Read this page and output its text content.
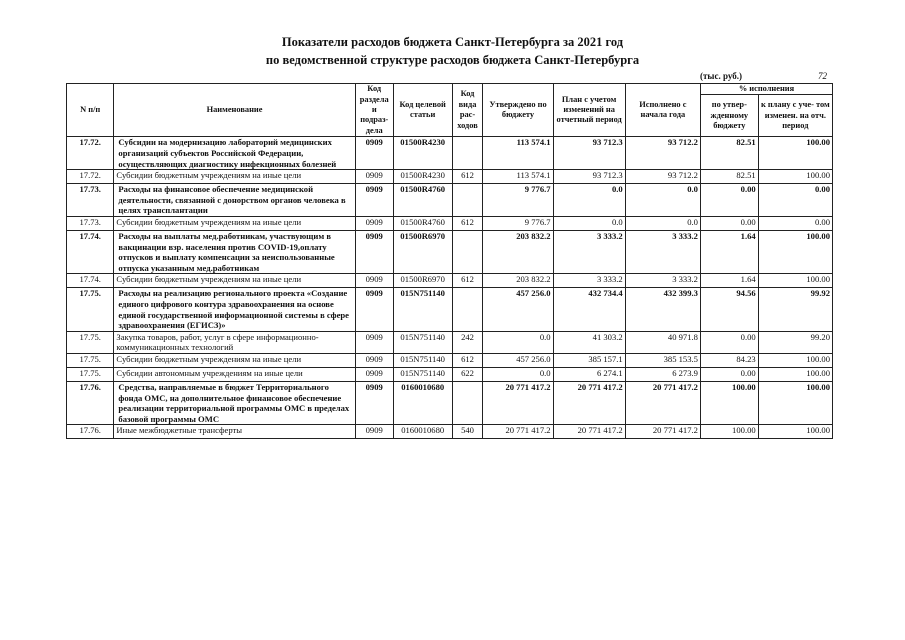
Показатели расходов бюджета Санкт-Петербурга за 2021 год
по ведомственной структуре расходов бюджета Санкт-Петербурга
(тыс. руб.)	72
N п/п	Наименование	Код раздела и подраз- дела	Код целевой статьи	Код вида рас- ходов	Утверждено по бюджету	План с учетом изменений на отчетный период	Исполнено с начала года	% исполнения	
								по утвер- жденному бюджету	к плану с уче- том изменен. на отч. период
17.72.	Субсидии на модернизацию лабораторий медицинских организаций субъектов Российской Федерации, осуществляющих диагностику инфекционных болезней	0909	01500R4230		113 574.1	93 712.3	93 712.2	82.51	100.00
17.72.	Субсидии бюджетным учреждениям на иные цели	0909	01500R4230	612	113 574.1	93 712.3	93 712.2	82.51	100.00
17.73.	Расходы на финансовое обеспечение медицинской деятельности, связанной с донорством органов человека в целях трансплантации	0909	01500R4760		9 776.7	0.0	0.0	0.00	0.00
17.73.	Субсидии бюджетным учреждениям на иные цели	0909	01500R4760	612	9 776.7	0.0	0.0	0.00	0.00
17.74.	Расходы на выплаты мед.работникам, участвующим в вакцинации взр. населения против COVID-19,оплату отпусков и выплату компенсации за неиспользованные отпуска указанным мед.работникам	0909	01500R6970		203 832.2	3 333.2	3 333.2	1.64	100.00
17.74.	Субсидии бюджетным учреждениям на иные цели	0909	01500R6970	612	203 832.2	3 333.2	3 333.2	1.64	100.00
17.75.	Расходы на реализацию регионального проекта «Создание единого цифрового контура здравоохранения на основе единой государственной информационной системы в сфере здравоохранения (ЕГИСЗ)»	0909	015N751140		457 256.0	432 734.4	432 399.3	94.56	99.92
17.75.	Закупка товаров, работ, услуг в сфере информационно-коммуникационных технологий	0909	015N751140	242	0.0	41 303.2	40 971.8	0.00	99.20
17.75.	Субсидии бюджетным учреждениям на иные цели	0909	015N751140	612	457 256.0	385 157.1	385 153.5	84.23	100.00
17.75.	Субсидии автономным учреждениям на иные цели	0909	015N751140	622	0.0	6 274.1	6 273.9	0.00	100.00
17.76.	Средства, направляемые в бюджет Территориального фонда ОМС, на дополнительное финансовое обеспечение реализации территориальной программы ОМС в пределах базовой программы ОМС	0909	0160010680		20 771 417.2	20 771 417.2	20 771 417.2	100.00	100.00
17.76.	Иные межбюджетные трансферты	0909	0160010680	540	20 771 417.2	20 771 417.2	20 771 417.2	100.00	100.00
